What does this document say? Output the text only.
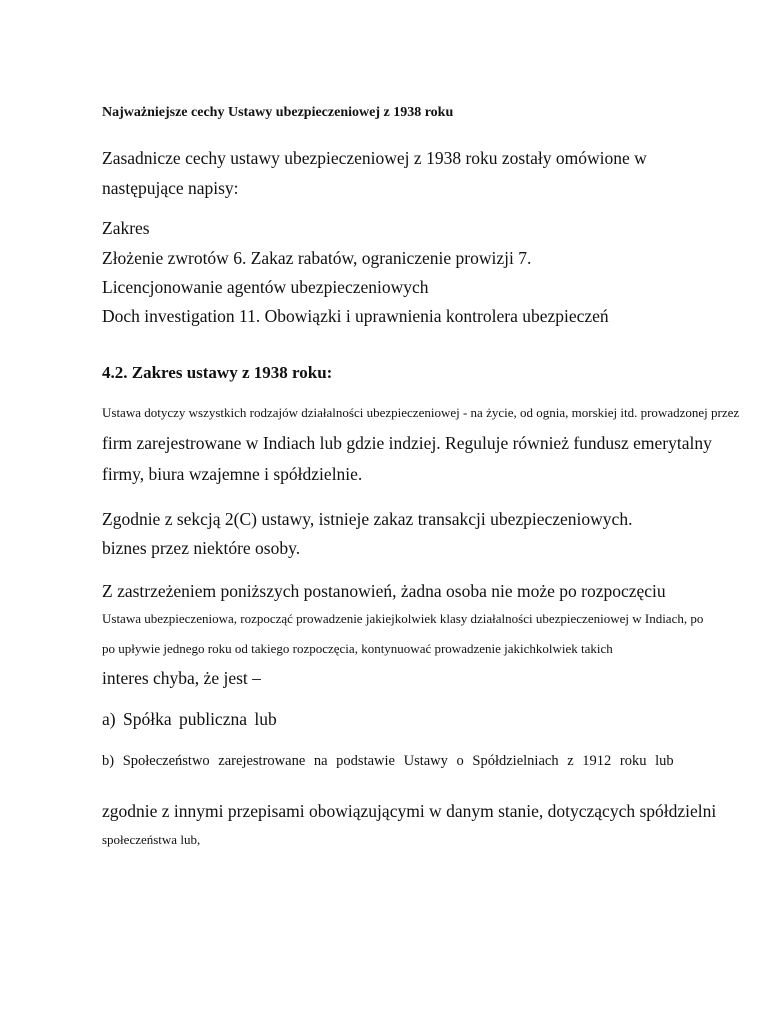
Najważniejsze cechy Ustawy ubezpieczeniowej z 1938 roku
Zasadnicze cechy ustawy ubezpieczeniowej z 1938 roku zostały omówione w
następujące napisy:
Zakres
Złożenie zwrotów 6. Zakaz rabatów, ograniczenie prowizji 7.
Licencjonowanie agentów ubezpieczeniowych
Doch investigation 11. Obowiązki i uprawnienia kontrolera ubezpieczeń
4.2. Zakres ustawy z 1938 roku:
Ustawa dotyczy wszystkich rodzajów działalności ubezpieczeniowej - na życie, od ognia, morskiej itd. prowadzonej przez
firm zarejestrowane w Indiach lub gdzie indziej. Reguluje również fundusz emerytalny
firmy, biura wzajemne i spółdzielnie.
Zgodnie z sekcją 2(C) ustawy, istnieje zakaz transakcji ubezpieczeniowych.
biznes przez niektóre osoby.
Z zastrzeżeniem poniższych postanowień, żadna osoba nie może po rozpoczęciu
Ustawa ubezpieczeniowa, rozpocząć prowadzenie jakiejkolwiek klasy działalności ubezpieczeniowej w Indiach, po
po upływie jednego roku od takiego rozpoczęcia, kontynuować prowadzenie jakichkolwiek takich
interes chyba, że jest –
a) Spółka publiczna lub
b) Społeczeństwo zarejestrowane na podstawie Ustawy o Spółdzielniach z 1912 roku lub
zgodnie z innymi przepisami obowiązującymi w danym stanie, dotyczących spółdzielni
społeczeństwa lub,
